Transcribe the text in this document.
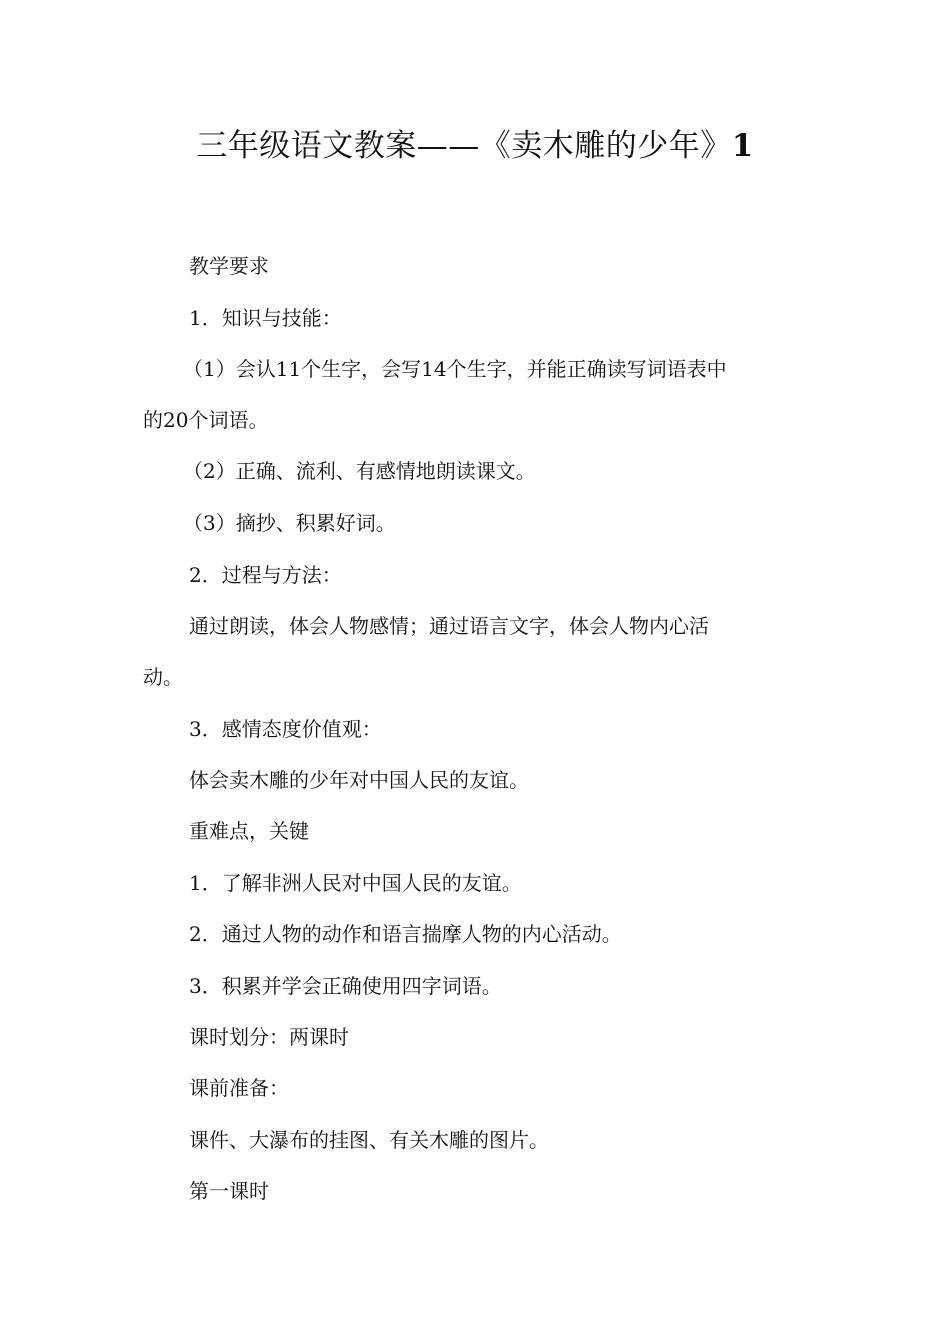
三年级语文教案——《卖木雕的少年》1
教学要求
1．知识与技能：
（1）会认11个生字，会写14个生字，并能正确读写词语表中
的20个词语。
（2）正确、流利、有感情地朗读课文。
（3）摘抄、积累好词。
2．过程与方法：
通过朗读，体会人物感情；通过语言文字，体会人物内心活
动。
3．感情态度价值观：
体会卖木雕的少年对中国人民的友谊。
重难点，关键
1．了解非洲人民对中国人民的友谊。
2．通过人物的动作和语言揣摩人物的内心活动。
3．积累并学会正确使用四字词语。
课时划分：两课时
课前准备：
课件、大瀑布的挂图、有关木雕的图片。
第一课时
